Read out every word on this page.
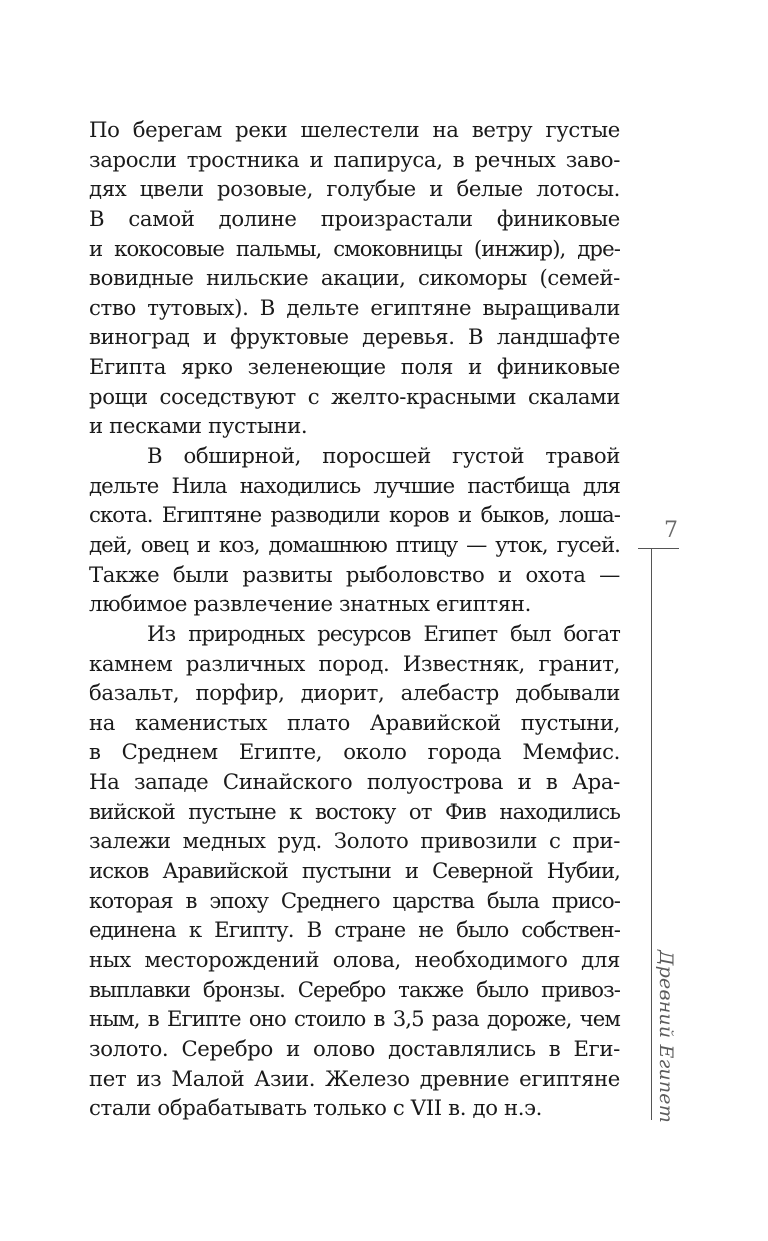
По берегам реки шелестели на ветру густые
заросли тростника и папируса, в речных заво-
дях цвели розовые, голубые и белые лотосы.
В самой долине произрастали финиковые
и кокосовые пальмы, смоковницы (инжир), дре-
вовидные нильские акации, сикоморы (семей-
ство тутовых). В дельте египтяне выращивали
виноград и фруктовые деревья. В ландшафте
Египта ярко зеленеющие поля и финиковые
рощи соседствуют с желто-красными скалами
и песками пустыни.
В обширной, поросшей густой травой
дельте Нила находились лучшие пастбища для
скота. Египтяне разводили коров и быков, лоша-
дей, овец и коз, домашнюю птицу — уток, гусей.
Также были развиты рыболовство и охота —
любимое развлечение знатных египтян.
Из природных ресурсов Египет был богат
камнем различных пород. Известняк, гранит,
базальт, порфир, диорит, алебастр добывали
на каменистых плато Аравийской пустыни,
в Среднем Египте, около города Мемфис.
На западе Синайского полуострова и в Ара-
вийской пустыне к востоку от Фив находились
залежи медных руд. Золото привозили с при-
исков Аравийской пустыни и Северной Нубии,
которая в эпоху Среднего царства была присо-
единена к Египту. В стране не было собствен-
ных месторождений олова, необходимого для
выплавки бронзы. Серебро также было привоз-
ным, в Египте оно стоило в 3,5 раза дороже, чем
золото. Серебро и олово доставлялись в Еги-
пет из Малой Азии. Железо древние египтяне
стали обрабатывать только с VII в. до н.э.
7
Древний Египет
